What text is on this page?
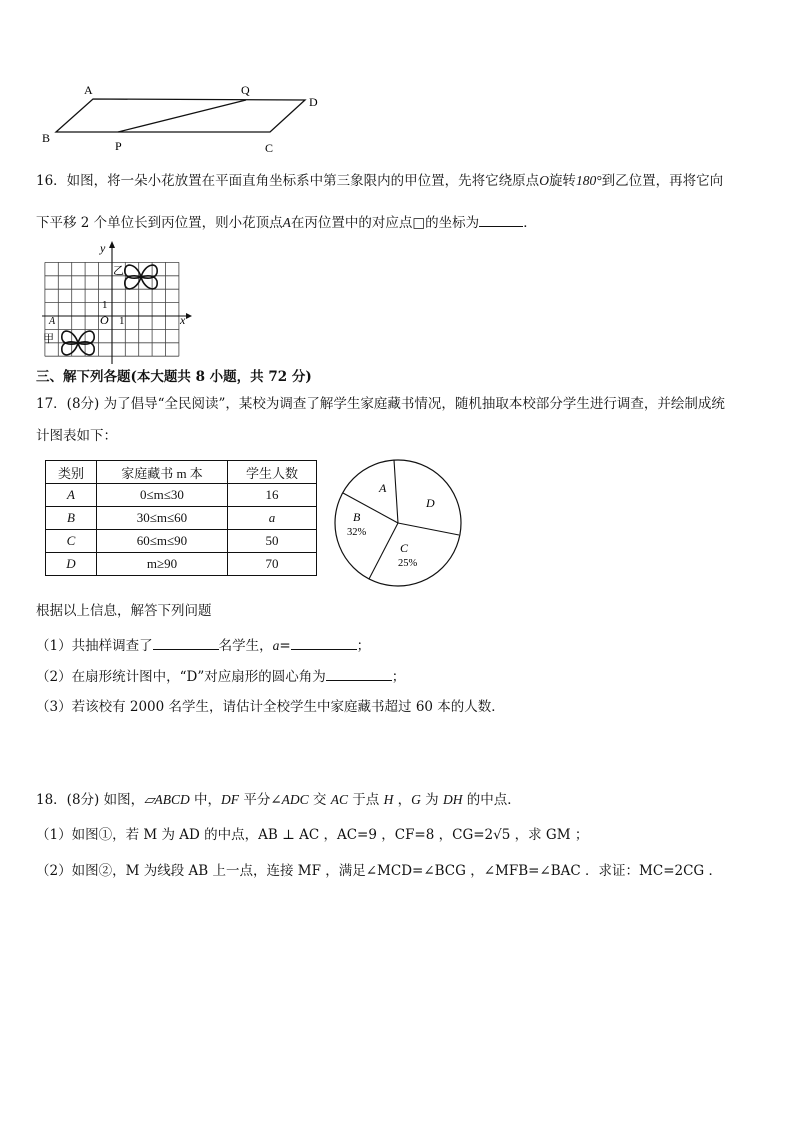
A	Q
D
B
P	C
16．如图，将一朵小花放置在平面直角坐标系中第三象限内的甲位置，先将它绕原点O旋转180°到乙位置，再将它向
下平移 2 个单位长到丙位置，则小花顶点A在丙位置中的对应点□的坐标为	．
y
x
O 1
1
乙
甲
A
三、解下列各题(本大题共 8 小题，共 72 分)
17．(8分) 为了倡导“全民阅读”，某校为调查了解学生家庭藏书情况，随机抽取本校部分学生进行调查，并绘制成统
计图表如下：
类别	家庭藏书 m 本	学生人数
A	0≤m≤30	16
B	30≤m≤60	a
C	60≤m≤90	50
D	m≥90	70
A
D
B
32%
C
25%
根据以上信息，解答下列问题
（1）共抽样调查了	名学生，a=	；
（2）在扇形统计图中，“D”对应扇形的圆心角为	；
（3）若该校有 2000 名学生，请估计全校学生中家庭藏书超过 60 本的人数．
18．(8分) 如图，▱ABCD 中，DF 平分∠ADC 交 AC 于点 H ，G 为 DH 的中点．
（1）如图①，若 M 为 AD 的中点，AB ⊥ AC ，AC=9 ，CF=8 ，CG=2√5 ，求 GM ；
（2）如图②，M 为线段 AB 上一点，连接 MF ，满足∠MCD=∠BCG ，∠MFB=∠BAC ．求证：MC=2CG ．
